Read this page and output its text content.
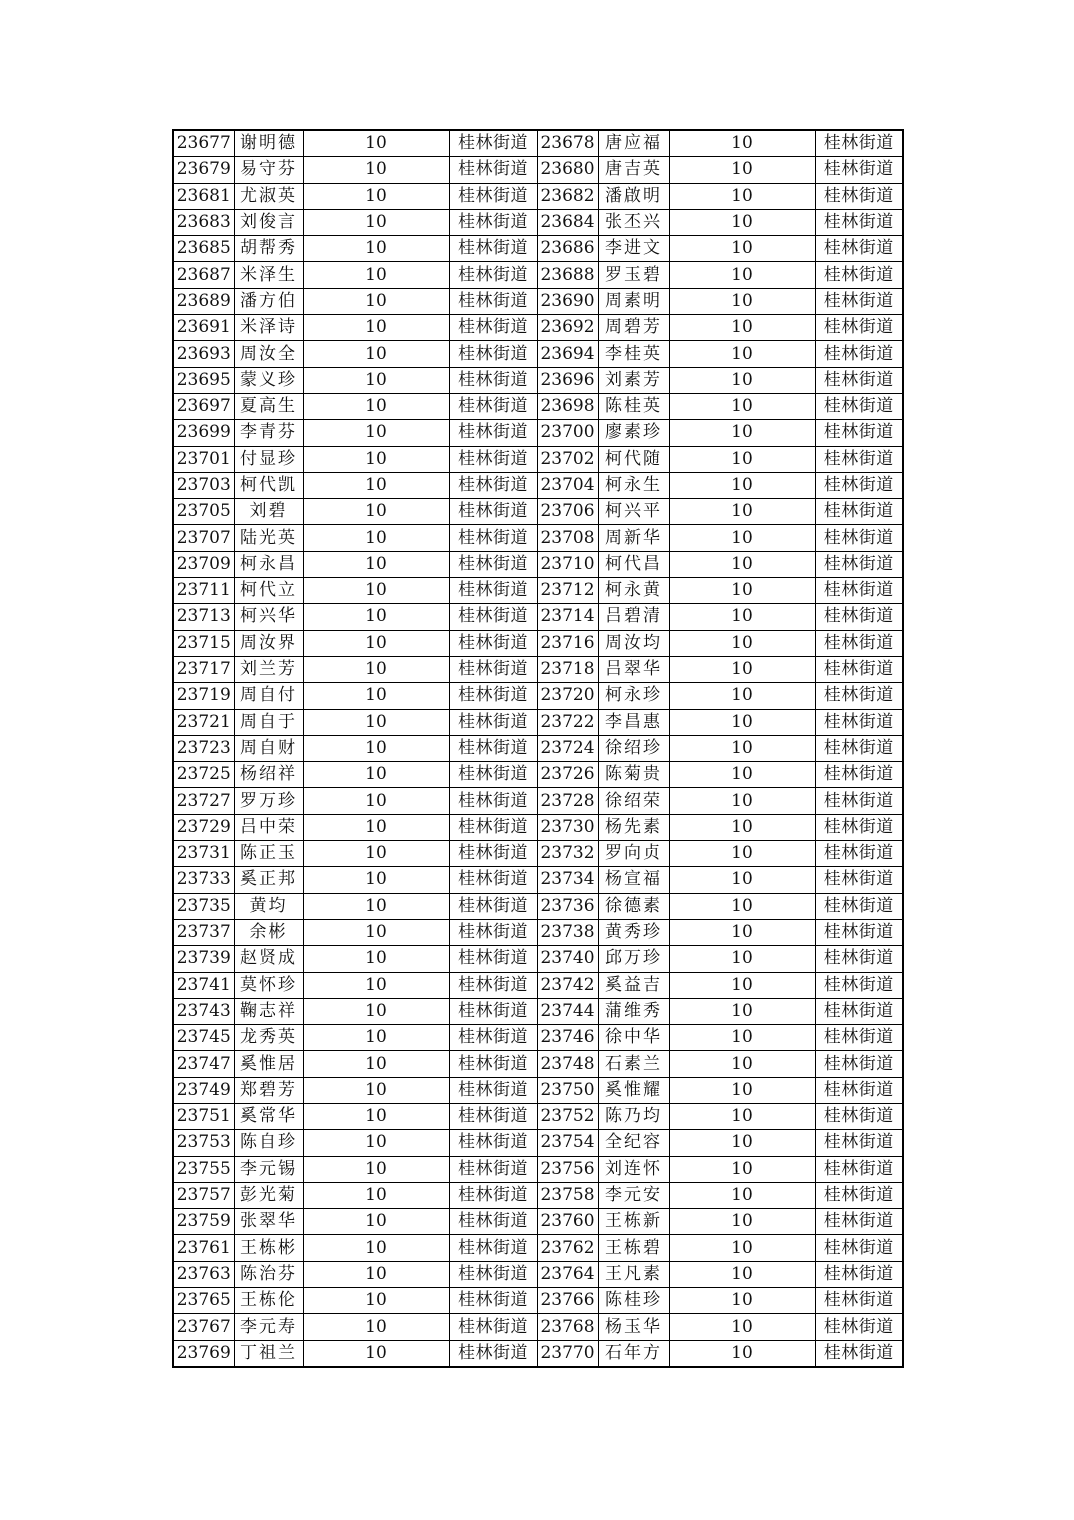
23677	谢明德	10	桂林街道	23678	唐应福	10	桂林街道
23679	易守芬	10	桂林街道	23680	唐吉英	10	桂林街道
23681	尤淑英	10	桂林街道	23682	潘啟明	10	桂林街道
23683	刘俊言	10	桂林街道	23684	张丕兴	10	桂林街道
23685	胡帮秀	10	桂林街道	23686	李进文	10	桂林街道
23687	米泽生	10	桂林街道	23688	罗玉碧	10	桂林街道
23689	潘方伯	10	桂林街道	23690	周素明	10	桂林街道
23691	米泽诗	10	桂林街道	23692	周碧芳	10	桂林街道
23693	周汝全	10	桂林街道	23694	李桂英	10	桂林街道
23695	蒙义珍	10	桂林街道	23696	刘素芳	10	桂林街道
23697	夏高生	10	桂林街道	23698	陈桂英	10	桂林街道
23699	李青芬	10	桂林街道	23700	廖素珍	10	桂林街道
23701	付显珍	10	桂林街道	23702	柯代随	10	桂林街道
23703	柯代凯	10	桂林街道	23704	柯永生	10	桂林街道
23705	刘碧	10	桂林街道	23706	柯兴平	10	桂林街道
23707	陆光英	10	桂林街道	23708	周新华	10	桂林街道
23709	柯永昌	10	桂林街道	23710	柯代昌	10	桂林街道
23711	柯代立	10	桂林街道	23712	柯永黄	10	桂林街道
23713	柯兴华	10	桂林街道	23714	吕碧清	10	桂林街道
23715	周汝界	10	桂林街道	23716	周汝均	10	桂林街道
23717	刘兰芳	10	桂林街道	23718	吕翠华	10	桂林街道
23719	周自付	10	桂林街道	23720	柯永珍	10	桂林街道
23721	周自于	10	桂林街道	23722	李昌惠	10	桂林街道
23723	周自财	10	桂林街道	23724	徐绍珍	10	桂林街道
23725	杨绍祥	10	桂林街道	23726	陈菊贵	10	桂林街道
23727	罗万珍	10	桂林街道	23728	徐绍荣	10	桂林街道
23729	吕中荣	10	桂林街道	23730	杨先素	10	桂林街道
23731	陈正玉	10	桂林街道	23732	罗向贞	10	桂林街道
23733	奚正邦	10	桂林街道	23734	杨宣福	10	桂林街道
23735	黄均	10	桂林街道	23736	徐德素	10	桂林街道
23737	余彬	10	桂林街道	23738	黄秀珍	10	桂林街道
23739	赵贤成	10	桂林街道	23740	邱万珍	10	桂林街道
23741	莫怀珍	10	桂林街道	23742	奚益吉	10	桂林街道
23743	鞠志祥	10	桂林街道	23744	蒲维秀	10	桂林街道
23745	龙秀英	10	桂林街道	23746	徐中华	10	桂林街道
23747	奚惟居	10	桂林街道	23748	石素兰	10	桂林街道
23749	郑碧芳	10	桂林街道	23750	奚惟耀	10	桂林街道
23751	奚常华	10	桂林街道	23752	陈乃均	10	桂林街道
23753	陈自珍	10	桂林街道	23754	全纪容	10	桂林街道
23755	李元锡	10	桂林街道	23756	刘连怀	10	桂林街道
23757	彭光菊	10	桂林街道	23758	李元安	10	桂林街道
23759	张翠华	10	桂林街道	23760	王栋新	10	桂林街道
23761	王栋彬	10	桂林街道	23762	王栋碧	10	桂林街道
23763	陈治芬	10	桂林街道	23764	王凡素	10	桂林街道
23765	王栋伦	10	桂林街道	23766	陈桂珍	10	桂林街道
23767	李元寿	10	桂林街道	23768	杨玉华	10	桂林街道
23769	丁祖兰	10	桂林街道	23770	石年方	10	桂林街道
